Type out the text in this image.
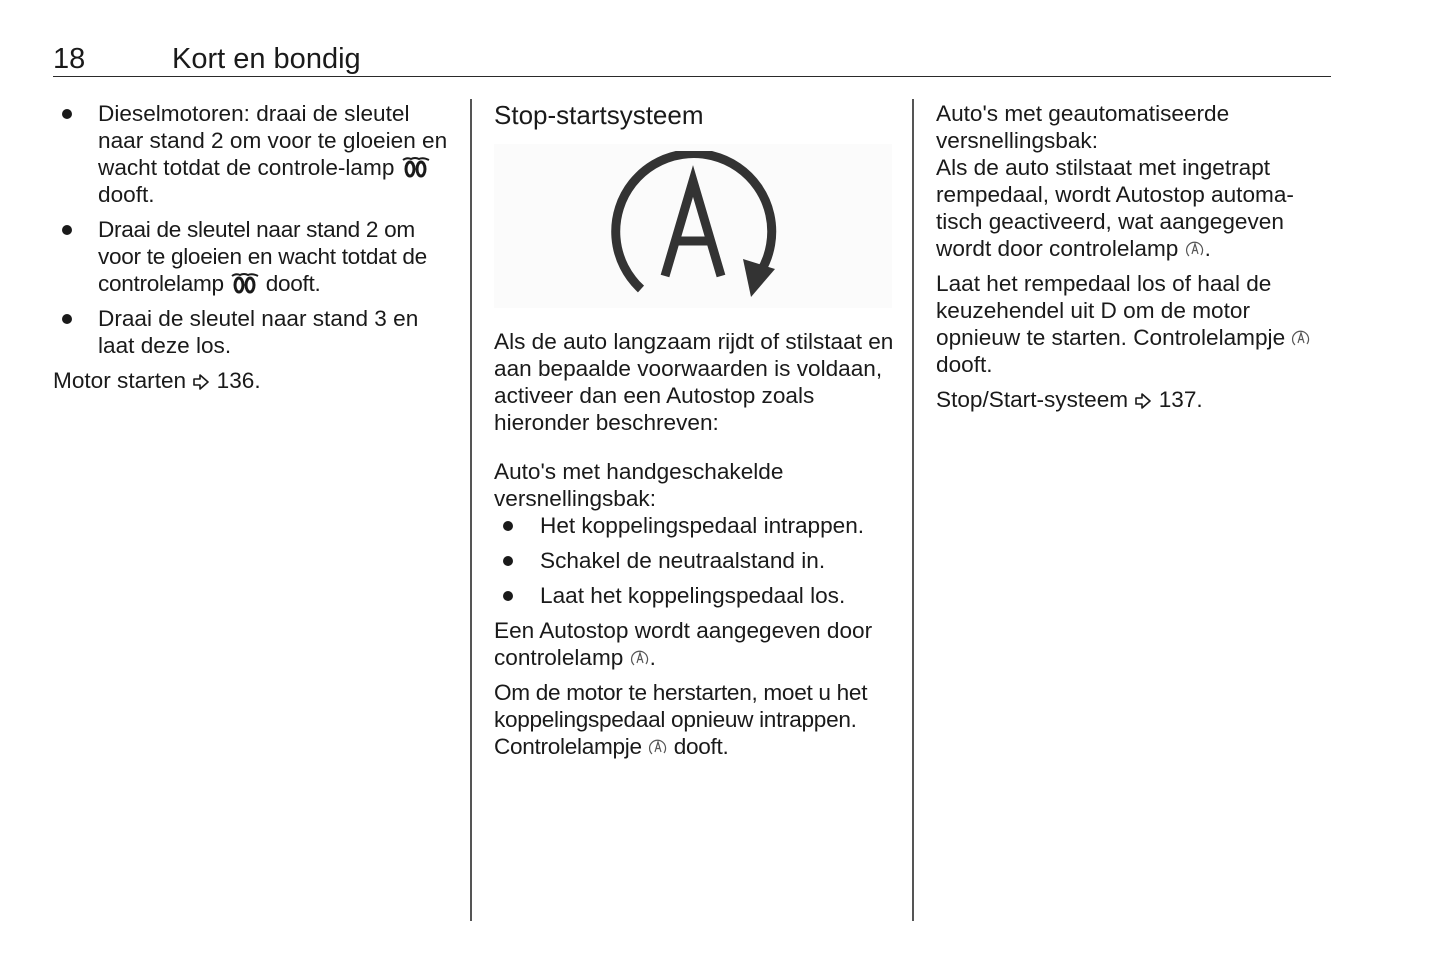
18	Kort en bondig
Dieselmotoren: draai de sleutel naar stand 2 om voor te gloeien en wacht totdat de controle-lamp  dooft.
Draai de sleutel naar stand 2 om voor te gloeien en wacht totdat de controlelamp dooft.
Draai de sleutel naar stand 3 en laat deze los.

Motor starten 136.

Stop-startsysteem

Als de auto langzaam rijdt of stilstaat en aan bepaalde voorwaarden is voldaan, activeer dan een Autostop zoals hieronder beschreven:

Auto's met handgeschakelde versnellingsbak:

Het koppelingspedaal intrappen.
Schakel de neutraalstand in.
Laat het koppelingspedaal los.

Een Autostop wordt aangegeven door controlelamp .

Om de motor te herstarten, moet u het koppelingspedaal opnieuw intrappen. Controlelampje dooft.

Auto's met geautomatiseerde versnellingsbak:

Als de auto stilstaat met ingetrapt rempedaal, wordt Autostop automa-tisch geactiveerd, wat aangegeven wordt door controlelamp .

Laat het rempedaal los of haal de keuzehendel uit D om de motor opnieuw te starten. Controlelampje  dooft.

Stop/Start-systeem 137.
